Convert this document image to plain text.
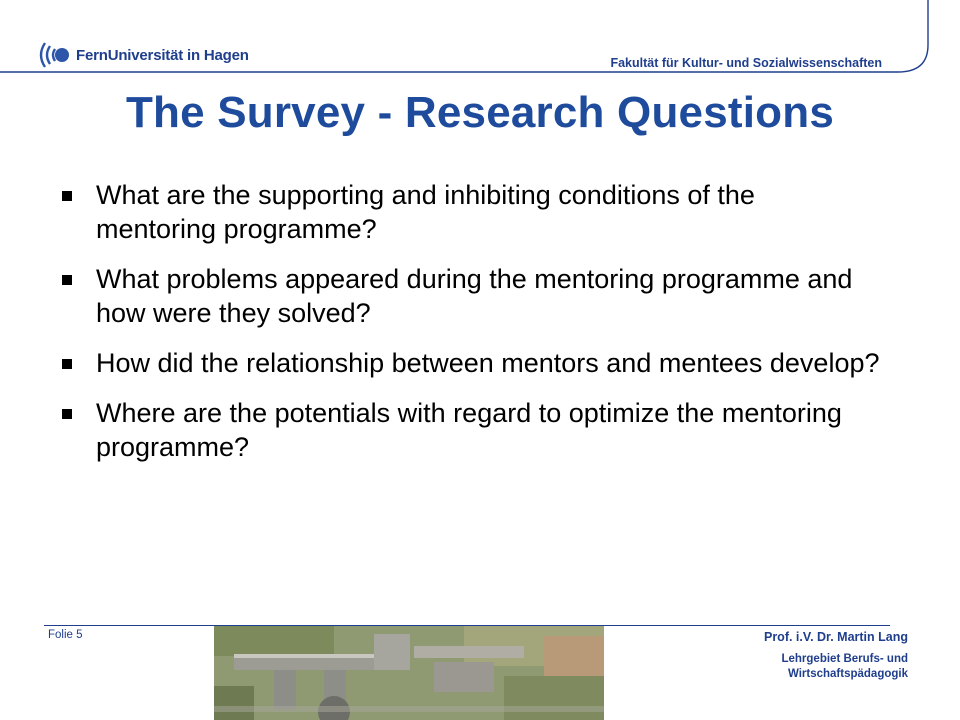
FernUniversität in Hagen	Fakultät für Kultur- und Sozialwissenschaften
The Survey - Research Questions
What are the supporting and inhibiting conditions of the mentoring programme?
What problems appeared during the mentoring programme and how were they solved?
How did the relationship between mentors and mentees develop?
Where are the potentials with regard to optimize the mentoring programme?
Folie 5	Prof. i.V. Dr. Martin Lang
Lehrgebiet Berufs- und
Wirtschaftspädagogik
